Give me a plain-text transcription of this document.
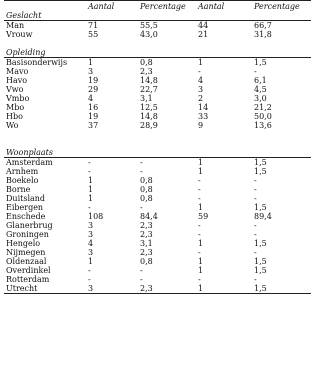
	Aantal	Percentage	Aantal	Percentage
Geslacht				
Man	71	55,5	44	66,7
Vrouw	55	43,0	21	31,8

Opleiding				
Basisonderwijs	1	0,8	1	1,5
Mavo	3	2,3	-	-
Havo	19	14,8	4	6,1
Vwo	29	22,7	3	4,5
Vmbo	4	3,1	2	3,0
Mbo	16	12,5	14	21,2
Hbo	19	14,8	33	50,0
Wo	37	28,9	9	13,6

Woonplaats				
Amsterdam	-	-	1	1,5
Arnhem	-	-	1	1,5
Boekelo	1	0,8	-	-
Borne	1	0,8	-	-
Duitsland	1	0,8	-	-
Eibergen	-	-	1	1,5
Enschede	108	84,4	59	89,4
Glanerbrug	3	2,3	-	-
Groningen	3	2,3	-	-
Hengelo	4	3,1	1	1,5
Nijmegen	3	2,3	-	-
Oldenzaal	1	0,8	1	1,5
Overdinkel	-	-	1	1,5
Rotterdam	-	-	-	-
Utrecht	3	2,3	1	1,5
